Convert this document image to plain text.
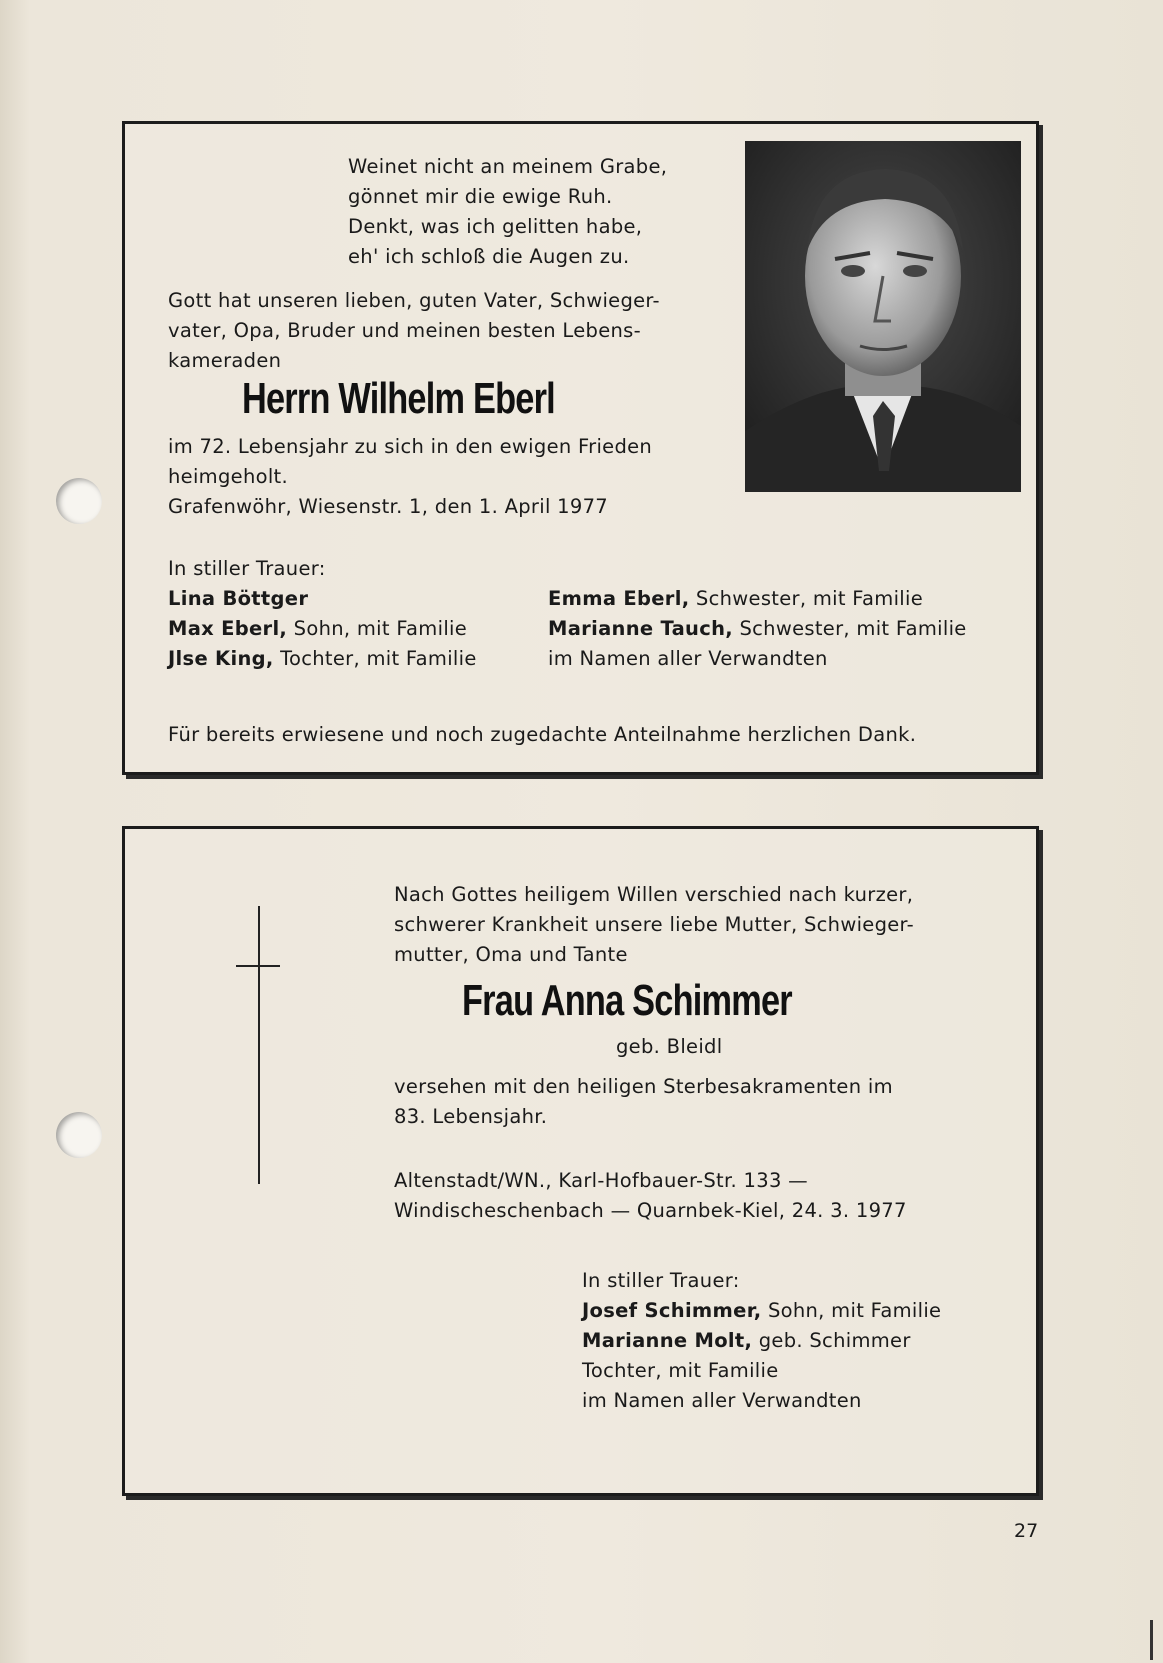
Weinet nicht an meinem Grabe,
gönnet mir die ewige Ruh.
Denkt, was ich gelitten habe,
eh' ich schloß die Augen zu.
Gott hat unseren lieben, guten Vater, Schwieger-
vater, Opa, Bruder und meinen besten Lebens-
kameraden
Herrn Wilhelm Eberl
im 72. Lebensjahr zu sich in den ewigen Frieden
heimgeholt.
Grafenwöhr, Wiesenstr. 1, den 1. April 1977
In stiller Trauer:
Lina Böttger
Max Eberl, Sohn, mit Familie
Jlse King, Tochter, mit Familie
Emma Eberl, Schwester, mit Familie
Marianne Tauch, Schwester, mit Familie
im Namen aller Verwandten
Für bereits erwiesene und noch zugedachte Anteilnahme herzlichen Dank.
Nach Gottes heiligem Willen verschied nach kurzer,
schwerer Krankheit unsere liebe Mutter, Schwieger-
mutter, Oma und Tante
Frau Anna Schimmer
geb. Bleidl
versehen mit den heiligen Sterbesakramenten im
83. Lebensjahr.
Altenstadt/WN., Karl-Hofbauer-Str. 133 —
Windischeschenbach — Quarnbek-Kiel, 24. 3. 1977
In stiller Trauer:
Josef Schimmer, Sohn, mit Familie
Marianne Molt, geb. Schimmer
Tochter, mit Familie
im Namen aller Verwandten
27
